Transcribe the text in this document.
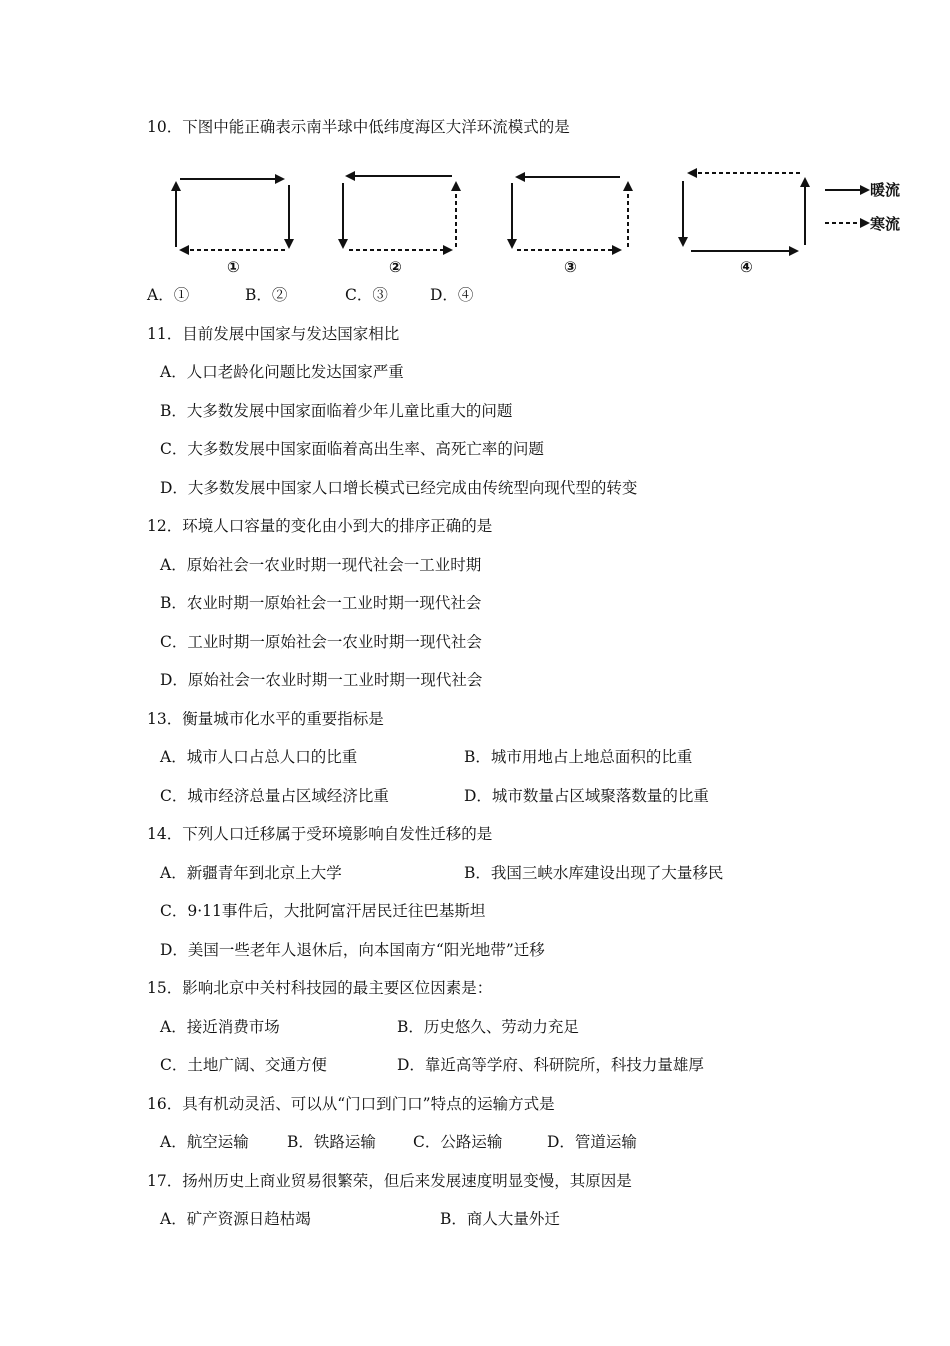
10．下图中能正确表示南半球中低纬度海区大洋环流模式的是
①	②	③	④
暖流
寒流
A．①	B．②	C．③	D．④
11．目前发展中国家与发达国家相比
A．人口老龄化问题比发达国家严重
B．大多数发展中国家面临着少年儿童比重大的问题
C．大多数发展中国家面临着高出生率、高死亡率的问题
D．大多数发展中国家人口增长模式已经完成由传统型向现代型的转变
12．环境人口容量的变化由小到大的排序正确的是
A．原始社会一农业时期一现代社会一工业时期
B．农业时期一原始社会一工业时期一现代社会
C．工业时期一原始社会一农业时期一现代社会
D．原始社会一农业时期一工业时期一现代社会
13．衡量城市化水平的重要指标是
A．城市人口占总人口的比重	B．城市用地占上地总面积的比重
C．城市经济总量占区域经济比重	D．城市数量占区域聚落数量的比重
14．下列人口迁移属于受环境影响自发性迁移的是
A．新疆青年到北京上大学	B．我国三峡水库建设出现了大量移民
C．9·11事件后，大批阿富汗居民迁往巴基斯坦
D．美国一些老年人退休后，向本国南方“阳光地带”迁移
15．影响北京中关村科技园的最主要区位因素是：
A．接近消费市场	B．历史悠久、劳动力充足
C．土地广阔、交通方便	D．靠近高等学府、科研院所，科技力量雄厚
16．具有机动灵活、可以从“门口到门口”特点的运输方式是
A．航空运输 B．铁路运输 C．公路运输	D．管道运输
17．扬州历史上商业贸易很繁荣，但后来发展速度明显变慢，其原因是
A．矿产资源日趋枯竭	B．商人大量外迁
